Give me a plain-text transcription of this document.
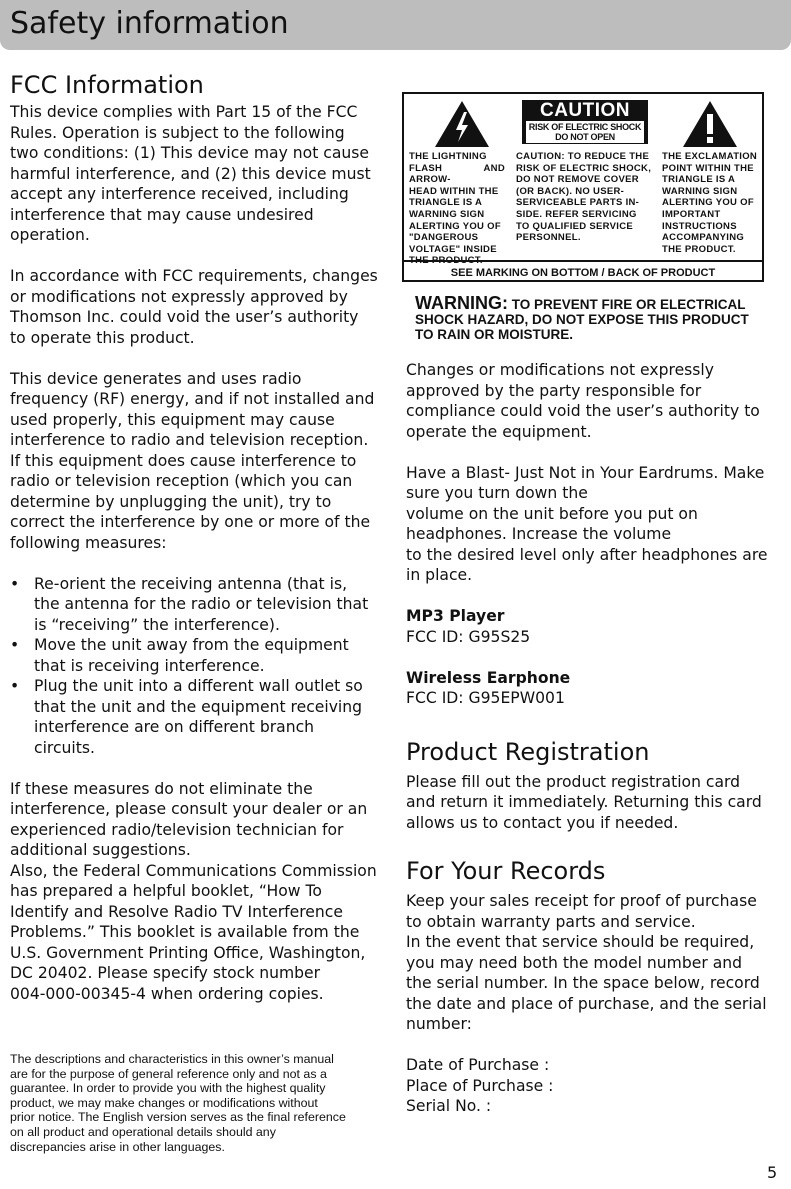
Safety information
FCC Information
This device complies with Part 15 of the FCC
Rules. Operation is subject to the following
two conditions: (1) This device may not cause
harmful interference, and (2) this device must
accept any interference received, including
interference that may cause undesired
operation.
In accordance with FCC requirements, changes
or modifications not expressly approved by
Thomson Inc. could void the user’s authority
to operate this product.
This device generates and uses radio
frequency (RF) energy, and if not installed and
used properly, this equipment may cause
interference to radio and television reception.
If this equipment does cause interference to
radio or television reception (which you can
determine by unplugging the unit), try to
correct the interference by one or more of the
following measures:
• Re-orient the receiving antenna (that is,
the antenna for the radio or television that
is “receiving” the interference).
• Move the unit away from the equipment
that is receiving interference.
• Plug the unit into a different wall outlet so
that the unit and the equipment receiving
interference are on different branch
circuits.
If these measures do not eliminate the
interference, please consult your dealer or an
experienced radio/television technician for
additional suggestions.
Also, the Federal Communications Commission
has prepared a helpful booklet, “How To
Identify and Resolve Radio TV Interference
Problems.” This booklet is available from the
U.S. Government Printing Office, Washington,
DC 20402. Please specify stock number
004-000-00345-4 when ordering copies.
The descriptions and characteristics in this owner’s manual
are for the purpose of general reference only and not as a
guarantee. In order to provide you with the highest quality
product, we may make changes or modifications without
prior notice. The English version serves as the final reference
on all product and operational details should any
discrepancies arise in other languages.
CAUTION
RISK OF ELECTRIC SHOCK
DO NOT OPEN
THE LIGHTNING
FLASH AND ARROW-
HEAD WITHIN THE
TRIANGLE IS A
WARNING SIGN
ALERTING YOU OF
"DANGEROUS
VOLTAGE" INSIDE
THE PRODUCT.
CAUTION: TO REDUCE THE
RISK OF ELECTRIC SHOCK,
DO NOT REMOVE COVER
(OR BACK). NO USER-
SERVICEABLE PARTS IN-
SIDE. REFER SERVICING
TO QUALIFIED SERVICE
PERSONNEL.
THE EXCLAMATION
POINT WITHIN THE
TRIANGLE IS A
WARNING SIGN
ALERTING YOU OF
IMPORTANT
INSTRUCTIONS
ACCOMPANYING
THE PRODUCT.
SEE MARKING ON BOTTOM / BACK OF PRODUCT
WARNING: TO PREVENT FIRE OR ELECTRICAL
SHOCK HAZARD, DO NOT EXPOSE THIS PRODUCT
TO RAIN OR MOISTURE.
Changes or modifications not expressly
approved by the party responsible for
compliance could void the user’s authority to
operate the equipment.
Have a Blast- Just Not in Your Eardrums. Make
sure you turn down the
volume on the unit before you put on
headphones. Increase the volume
to the desired level only after headphones are
in place.

MP3 Player

FCC ID: G95S25

Wireless Earphone

FCC ID: G95EPW001

Product Registration
Please fill out the product registration card
and return it immediately. Returning this card
allows us to contact you if needed.
For Your Records
Keep your sales receipt for proof of purchase
to obtain warranty parts and service.
In the event that service should be required,
you may need both the model number and
the serial number. In the space below, record
the date and place of purchase, and the serial
number:

Date of Purchase :

Place of Purchase :

Serial No. :

5
